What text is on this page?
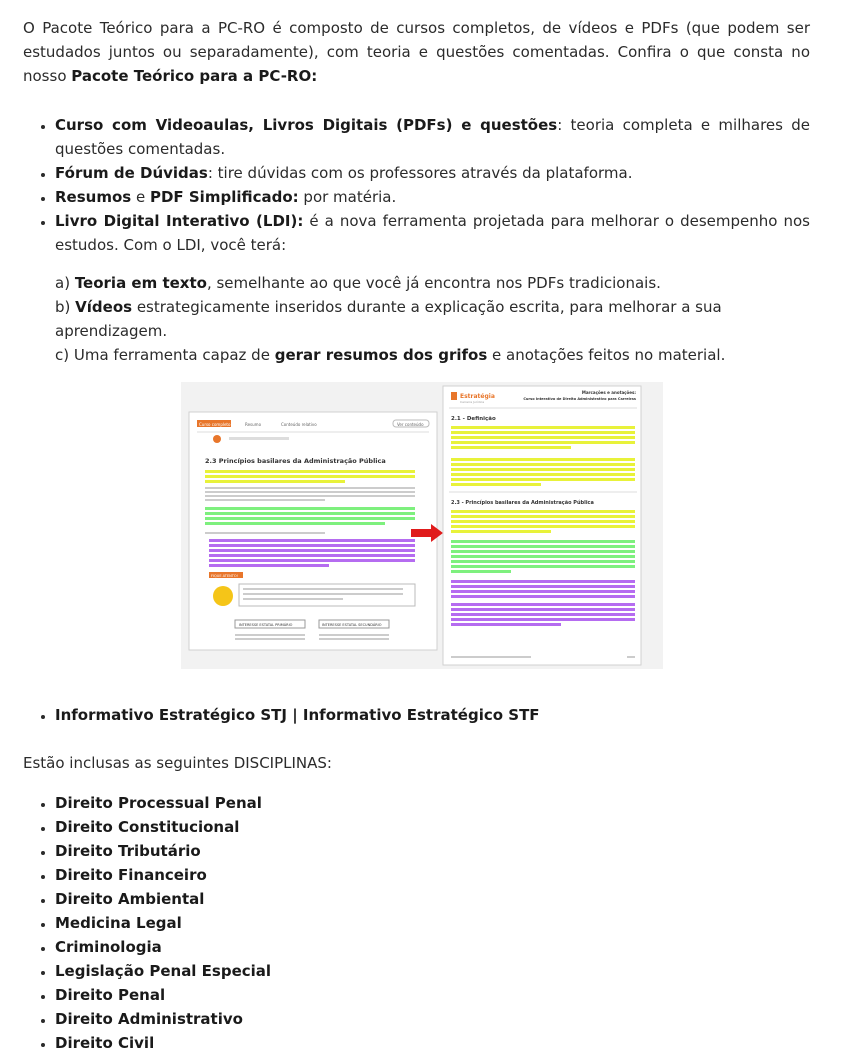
O Pacote Teórico para a PC-RO é composto de cursos completos, de vídeos e PDFs (que podem ser estudados juntos ou separadamente), com teoria e questões comentadas. Confira o que consta no nosso Pacote Teórico para a PC-RO:

• Curso com Videoaulas, Livros Digitais (PDFs) e questões: teoria completa e milhares de questões comentadas.
• Fórum de Dúvidas: tire dúvidas com os professores através da plataforma.
• Resumos e PDF Simplificado: por matéria.
• Livro Digital Interativo (LDI): é a nova ferramenta projetada para melhorar o desempenho nos estudos. Com o LDI, você terá:

a) Teoria em texto, semelhante ao que você já encontra nos PDFs tradicionais.

b) Vídeos estrategicamente inseridos durante a explicação escrita, para melhorar a sua aprendizagem.

c) Uma ferramenta capaz de gerar resumos dos grifos e anotações feitos no material.

Curso completo	Resumo	Conteúdo relativo	Ver conteúdo
2.3 Princípios basilares da Administração Pública
FIQUE ATENTO!
INTERESSE ESTATAL PRIMÁRIO	INTERESSE ESTATAL SECUNDÁRIO
Estratégia
Carreira Jurídica
Marcações e anotações:
Curso Interativo de Direito Administrativo para Carreiras
2.1 - Definição
2.3 - Princípios basilares da Administração Pública
• Informativo Estratégico STJ | Informativo Estratégico STF

Estão inclusas as seguintes DISCIPLINAS:

• Direito Processual Penal
• Direito Constitucional
• Direito Tributário
• Direito Financeiro
• Direito Ambiental
• Medicina Legal
• Criminologia
• Legislação Penal Especial
• Direito Penal
• Direito Administrativo
• Direito Civil
